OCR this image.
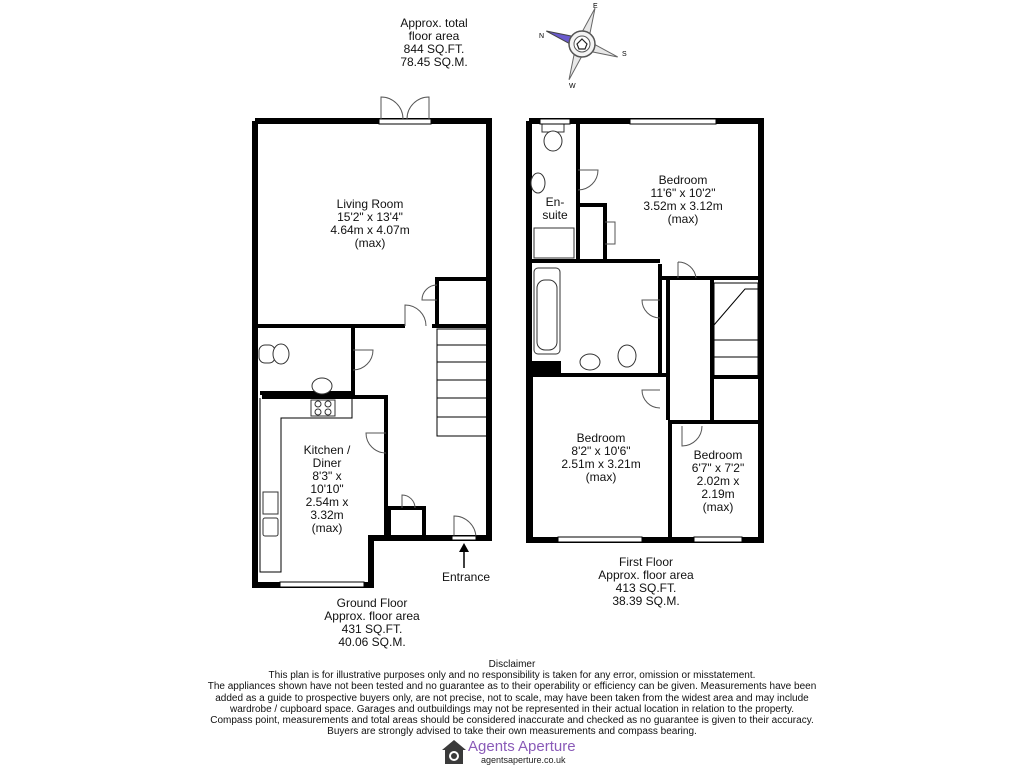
Approx. total
floor area
844 SQ.FT.
78.45 SQ.M.
N
E
S
W
Living Room
15'2" x 13'4"
4.64m x 4.07m
(max)
Kitchen /
Diner
8'3" x
10'10"
2.54m x
3.32m
(max)
Entrance
Bedroom
11'6" x 10'2"
3.52m x 3.12m
(max)
En-
suite
Bedroom
8'2" x 10'6"
2.51m x 3.21m
(max)
Bedroom
6'7" x 7'2"
2.02m x
2.19m
(max)
Ground Floor
Approx. floor area
431 SQ.FT.
40.06 SQ.M.
First Floor
Approx. floor area
413 SQ.FT.
38.39 SQ.M.
Disclaimer
This plan is for illustrative purposes only and no responsibility is taken for any error, omission or misstatement.
The appliances shown have not been tested and no guarantee as to their operability or efficiency can be given. Measurements have been
added as a guide to prospective buyers only, are not precise, not to scale, may have been taken from the widest area and may include
wardrobe / cupboard space. Garages and outbuildings may not be represented in their actual location in relation to the property.
Compass point, measurements and total areas should be considered inaccurate and checked as no guarantee is given to their accuracy.
Buyers are strongly advised to take their own measurements and compass bearing.
Agents Aperture
agentsaperture.co.uk
